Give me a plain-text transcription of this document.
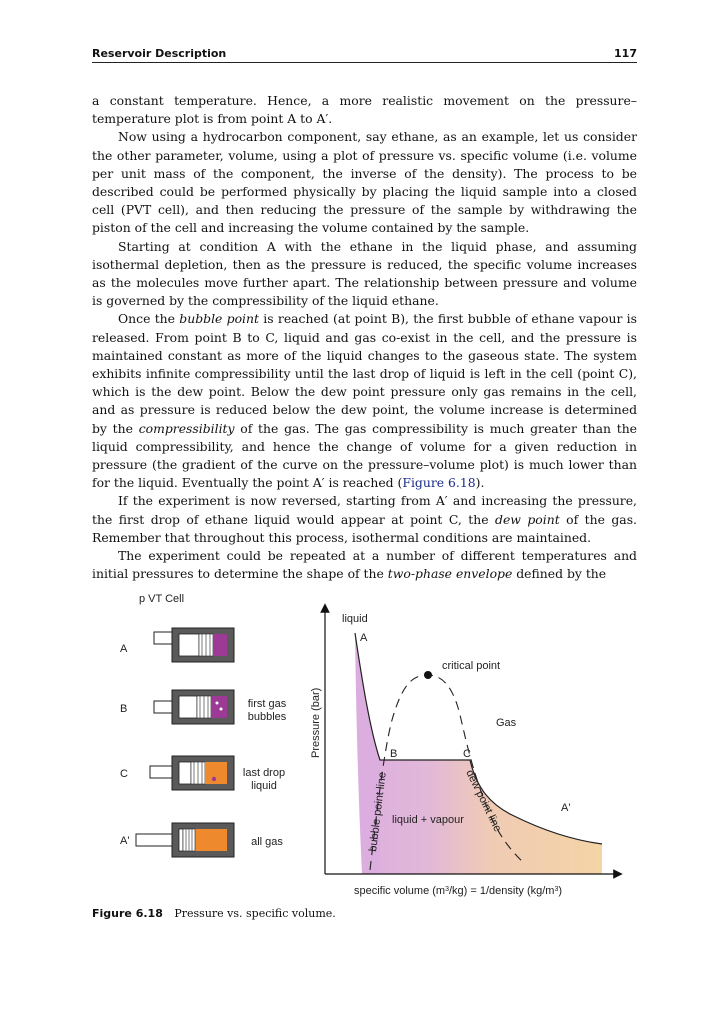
Reservoir Description	117

a constant temperature. Hence, a more realistic movement on the pressure–temperature plot is from point A to A′.

Now using a hydrocarbon component, say ethane, as an example, let us consider the other parameter, volume, using a plot of pressure vs. specific volume (i.e. volume per unit mass of the component, the inverse of the density). The process to be described could be performed physically by placing the liquid sample into a closed cell (PVT cell), and then reducing the pressure of the sample by withdrawing the piston of the cell and increasing the volume contained by the sample.

Starting at condition A with the ethane in the liquid phase, and assuming isothermal depletion, then as the pressure is reduced, the specific volume increases as the molecules move further apart. The relationship between pressure and volume is governed by the compressibility of the liquid ethane.

Once the bubble point is reached (at point B), the first bubble of ethane vapour is released. From point B to C, liquid and gas co-exist in the cell, and the pressure is maintained constant as more of the liquid changes to the gaseous state. The system exhibits infinite compressibility until the last drop of liquid is left in the cell (point C), which is the dew point. Below the dew point pressure only gas remains in the cell, and as pressure is reduced below the dew point, the volume increase is determined by the compressibility of the gas. The gas compressibility is much greater than the liquid compressibility, and hence the change of volume for a given reduction in pressure (the gradient of the curve on the pressure–volume plot) is much lower than for the liquid. Eventually the point A′ is reached (Figure 6.18).

If the experiment is now reversed, starting from A′ and increasing the pressure, the first drop of ethane liquid would appear at point C, the dew point of the gas. Remember that throughout this process, isothermal conditions are maintained.

The experiment could be repeated at a number of different temperatures and initial pressures to determine the shape of the two-phase envelope defined by the

p VT Cell
A
B	first gas
bubbles
C	last drop
liquid
A'	all gas
liquid
A
critical point
Gas
B	C
A'
liquid + vapour
bubble point line	dew point line
Pressure (bar)
specific volume $(m^3/kg)$ = 1/density $(kg/m^3)$
Figure 6.18 Pressure vs. specific volume.
